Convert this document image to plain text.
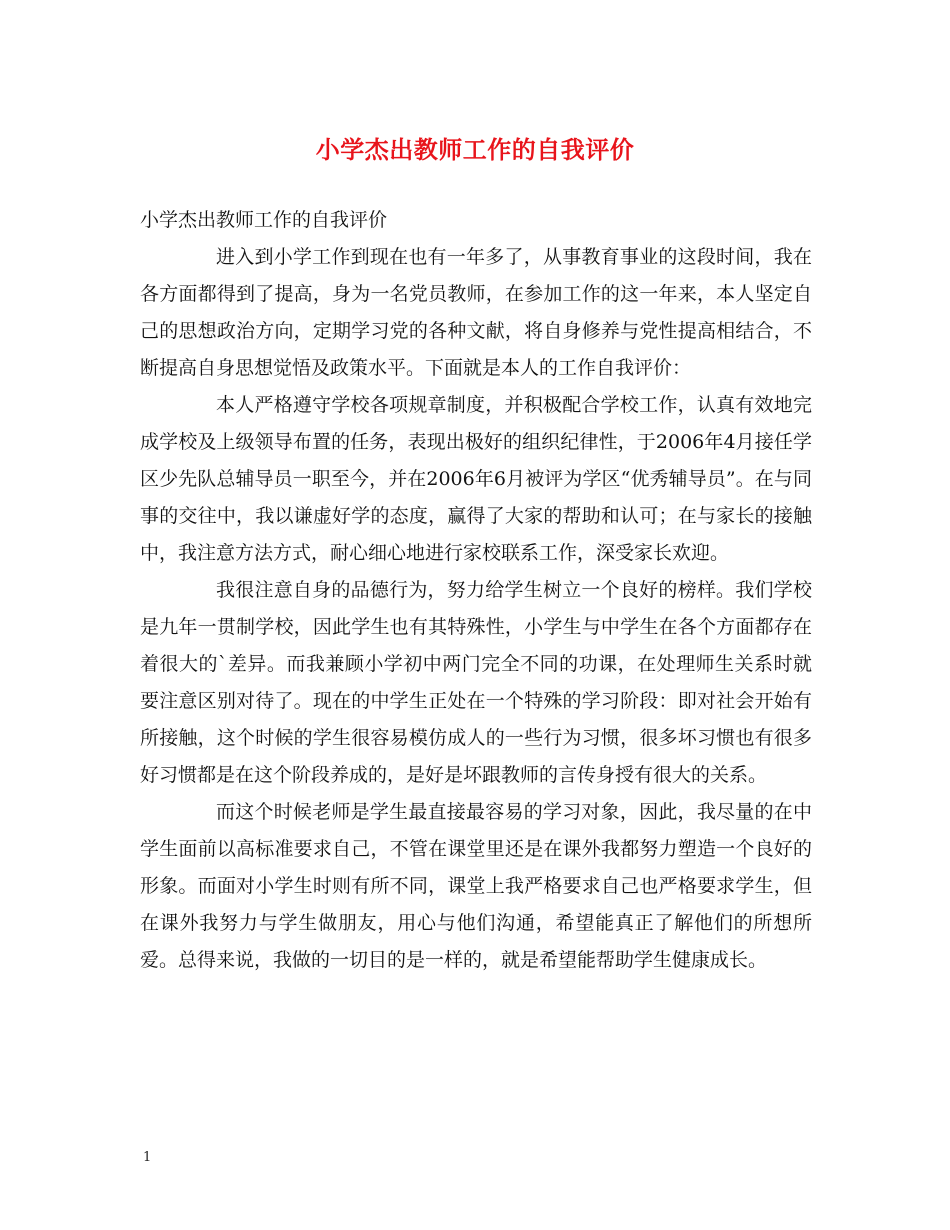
小学杰出教师工作的自我评价

小学杰出教师工作的自我评价

进入到小学工作到现在也有一年多了，从事教育事业的这段时间，我在各方面都得到了提高，身为一名党员教师，在参加工作的这一年来，本人坚定自己的思想政治方向，定期学习党的各种文献，将自身修养与党性提高相结合，不断提高自身思想觉悟及政策水平。下面就是本人的工作自我评价：

本人严格遵守学校各项规章制度，并积极配合学校工作，认真有效地完成学校及上级领导布置的任务，表现出极好的组织纪律性，于2006年4月接任学区少先队总辅导员一职至今，并在2006年6月被评为学区“优秀辅导员”。在与同事的交往中，我以谦虚好学的态度，赢得了大家的帮助和认可；在与家长的接触中，我注意方法方式，耐心细心地进行家校联系工作，深受家长欢迎。

我很注意自身的品德行为，努力给学生树立一个良好的榜样。我们学校是九年一贯制学校，因此学生也有其特殊性，小学生与中学生在各个方面都存在着很大的`差异。而我兼顾小学初中两门完全不同的功课，在处理师生关系时就要注意区别对待了。现在的中学生正处在一个特殊的学习阶段：即对社会开始有所接触，这个时候的学生很容易模仿成人的一些行为习惯，很多坏习惯也有很多好习惯都是在这个阶段养成的，是好是坏跟教师的言传身授有很大的关系。

而这个时候老师是学生最直接最容易的学习对象，因此，我尽量的在中学生面前以高标准要求自己，不管在课堂里还是在课外我都努力塑造一个良好的形象。而面对小学生时则有所不同，课堂上我严格要求自己也严格要求学生，但在课外我努力与学生做朋友，用心与他们沟通，希望能真正了解他们的所想所爱。总得来说，我做的一切目的是一样的，就是希望能帮助学生健康成长。

1
